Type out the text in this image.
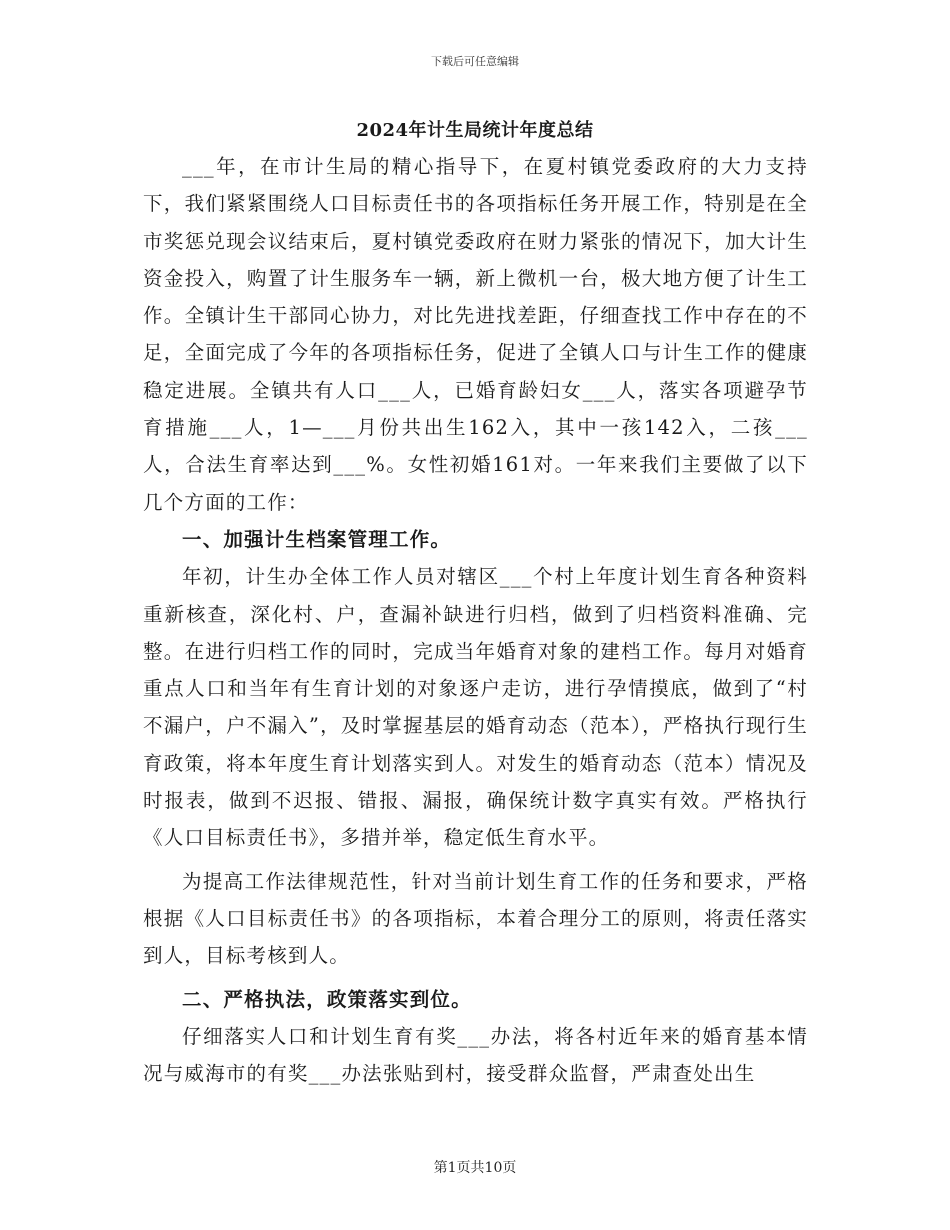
下载后可任意编辑
2024年计生局统计年度总结

___年，在市计生局的精心指导下，在夏村镇党委政府的大力支持下，我们紧紧围绕人口目标责任书的各项指标任务开展工作，特别是在全市奖惩兑现会议结束后，夏村镇党委政府在财力紧张的情况下，加大计生资金投入，购置了计生服务车一辆，新上微机一台，极大地方便了计生工作。全镇计生干部同心协力，对比先进找差距，仔细查找工作中存在的不足，全面完成了今年的各项指标任务，促进了全镇人口与计生工作的健康稳定进展。全镇共有人口___人，已婚育龄妇女___人，落实各项避孕节育措施___人，1—___月份共出生162入，其中一孩142入，二孩___人，合法生育率达到___%。女性初婚161对。一年来我们主要做了以下几个方面的工作：

一、加强计生档案管理工作。

年初，计生办全体工作人员对辖区___个村上年度计划生育各种资料重新核查，深化村、户，查漏补缺进行归档，做到了归档资料准确、完整。在进行归档工作的同时，完成当年婚育对象的建档工作。每月对婚育重点人口和当年有生育计划的对象逐户走访，进行孕情摸底，做到了“村不漏户，户不漏入”，及时掌握基层的婚育动态（范本），严格执行现行生育政策，将本年度生育计划落实到人。对发生的婚育动态（范本）情况及时报表，做到不迟报、错报、漏报，确保统计数字真实有效。严格执行《人口目标责任书》，多措并举，稳定低生育水平。

为提高工作法律规范性，针对当前计划生育工作的任务和要求，严格根据《人口目标责任书》的各项指标，本着合理分工的原则，将责任落实到人，目标考核到人。

二、严格执法，政策落实到位。

仔细落实人口和计划生育有奖___办法，将各村近年来的婚育基本情况与威海市的有奖___办法张贴到村，接受群众监督，严肃查处出生

第1页共10页
